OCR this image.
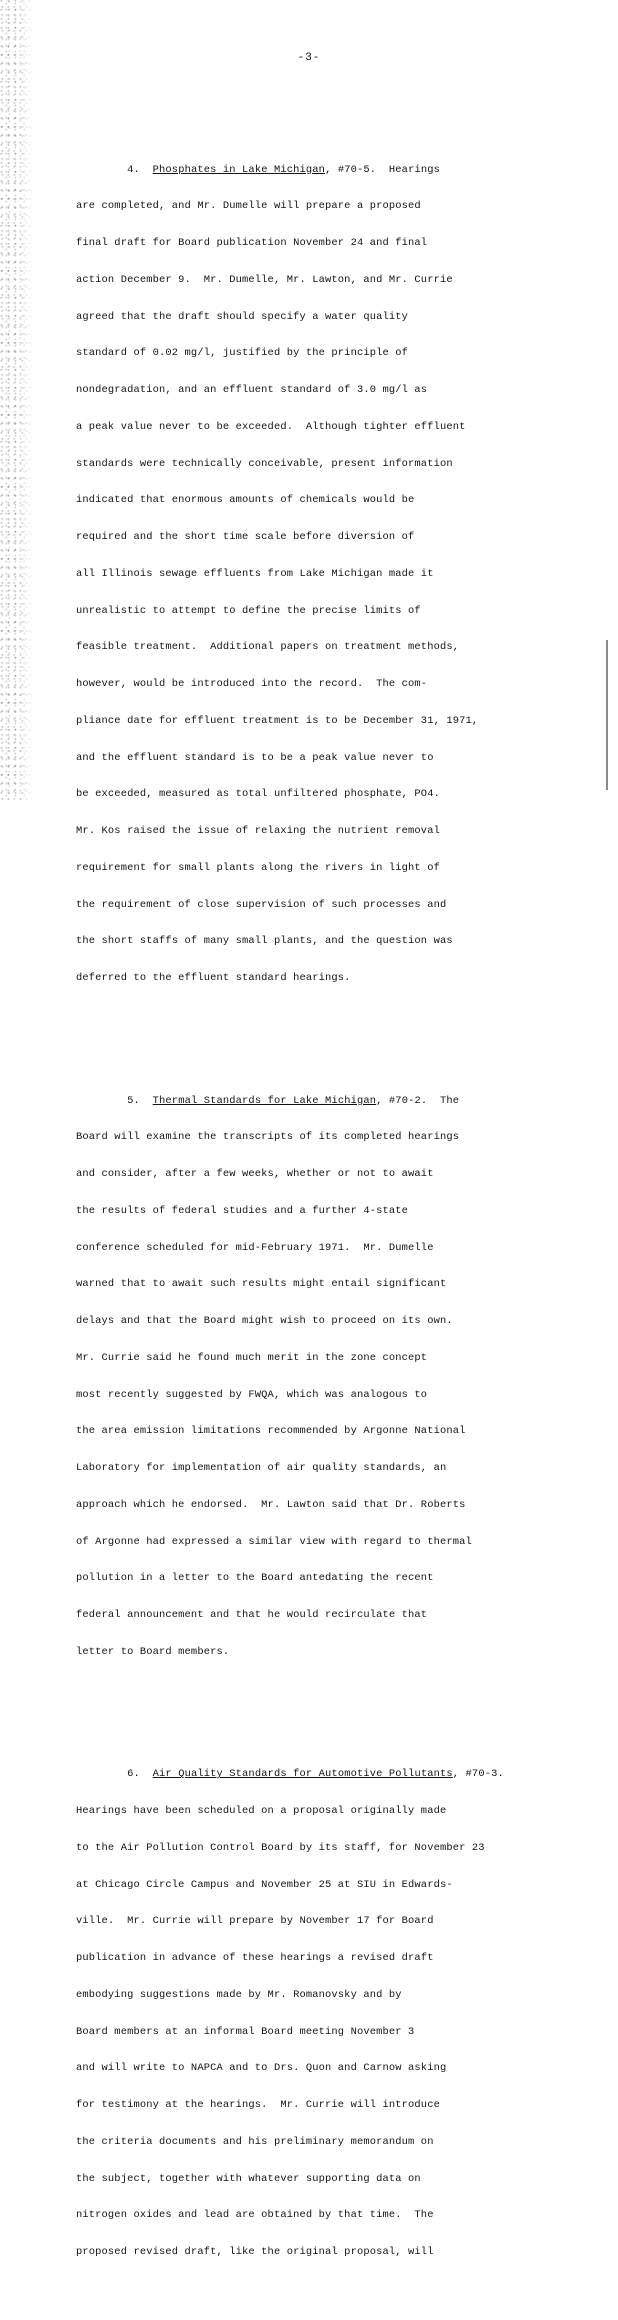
-3-

4. Phosphates in Lake Michigan, #70-5.  Hearings

are completed, and Mr. Dumelle will prepare a proposed

final draft for Board publication November 24 and final

action December 9.  Mr. Dumelle, Mr. Lawton, and Mr. Currie

agreed that the draft should specify a water quality

standard of 0.02 mg/l, justified by the principle of

nondegradation, and an effluent standard of 3.0 mg/l as

a peak value never to be exceeded.  Although tighter effluent

standards were technically conceivable, present information

indicated that enormous amounts of chemicals would be

required and the short time scale before diversion of

all Illinois sewage effluents from Lake Michigan made it

unrealistic to attempt to define the precise limits of

feasible treatment.  Additional papers on treatment methods,

however, would be introduced into the record.  The com-

pliance date for effluent treatment is to be December 31, 1971,

and the effluent standard is to be a peak value never to

be exceeded, measured as total unfiltered phosphate, PO4.

Mr. Kos raised the issue of relaxing the nutrient removal

requirement for small plants along the rivers in light of

the requirement of close supervision of such processes and

the short staffs of many small plants, and the question was

deferred to the effluent standard hearings.

5. Thermal Standards for Lake Michigan, #70-2.  The

Board will examine the transcripts of its completed hearings

and consider, after a few weeks, whether or not to await

the results of federal studies and a further 4-state

conference scheduled for mid-February 1971.  Mr. Dumelle

warned that to await such results might entail significant

delays and that the Board might wish to proceed on its own.

Mr. Currie said he found much merit in the zone concept

most recently suggested by FWQA, which was analogous to

the area emission limitations recommended by Argonne National

Laboratory for implementation of air quality standards, an

approach which he endorsed.  Mr. Lawton said that Dr. Roberts

of Argonne had expressed a similar view with regard to thermal

pollution in a letter to the Board antedating the recent

federal announcement and that he would recirculate that

letter to Board members.

6. Air Quality Standards for Automotive Pollutants, #70-3.

Hearings have been scheduled on a proposal originally made

to the Air Pollution Control Board by its staff, for November 23

at Chicago Circle Campus and November 25 at SIU in Edwards-

ville.  Mr. Currie will prepare by November 17 for Board

publication in advance of these hearings a revised draft

embodying suggestions made by Mr. Romanovsky and by

Board members at an informal Board meeting November 3

and will write to NAPCA and to Drs. Quon and Carnow asking

for testimony at the hearings.  Mr. Currie will introduce

the criteria documents and his preliminary memorandum on

the subject, together with whatever supporting data on

nitrogen oxides and lead are obtained by that time.  The

proposed revised draft, like the original proposal, will
